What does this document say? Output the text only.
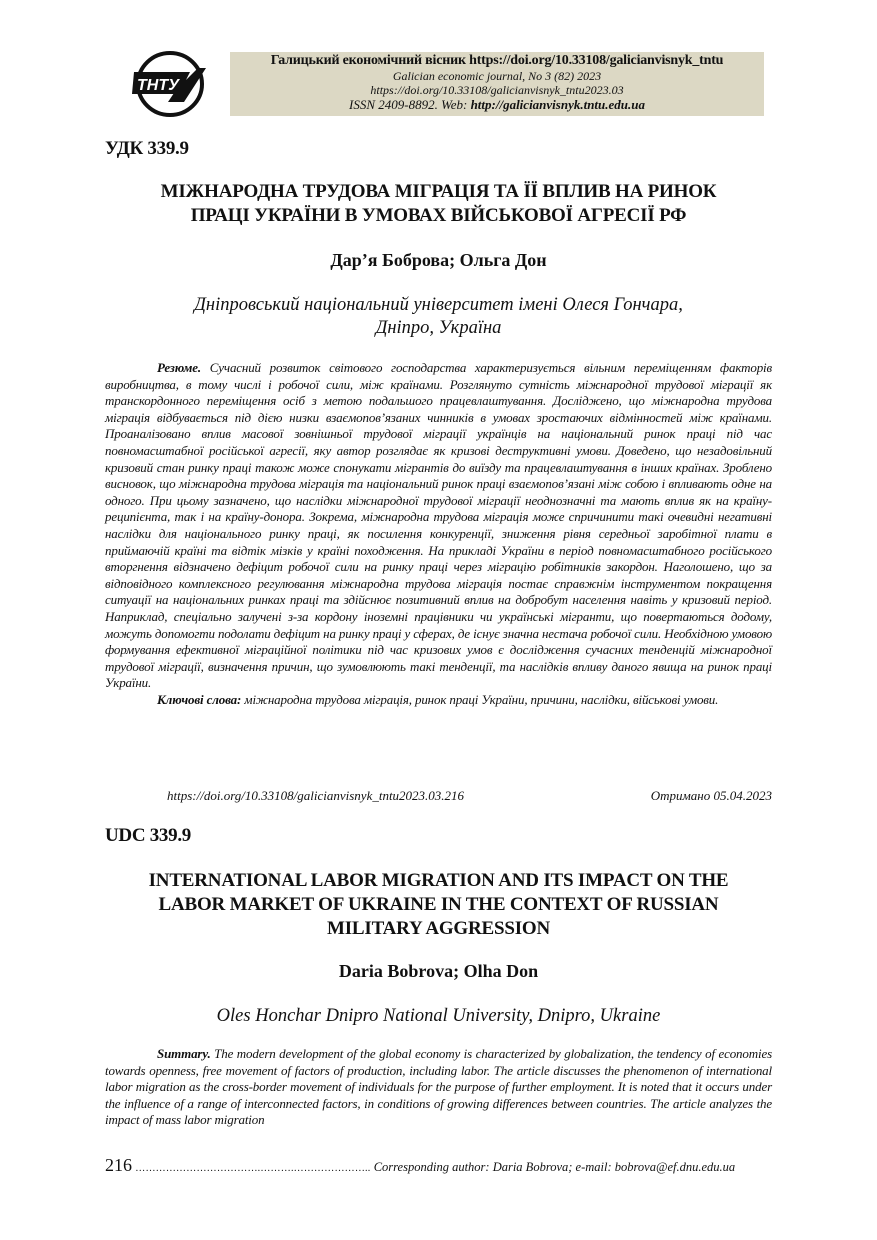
ТНТУ
Галицький економічний вісник https://doi.org/10.33108/galicianvisnyk_tntu
Galician economic journal, No 3 (82) 2023
https://doi.org/10.33108/galicianvisnyk_tntu2023.03
ISSN 2409-8892. Web: http://galicianvisnyk.tntu.edu.ua
УДК 339.9
МІЖНАРОДНА ТРУДОВА МІГРАЦІЯ ТА ЇЇ ВПЛИВ НА РИНОК
ПРАЦІ УКРАЇНИ В УМОВАХ ВІЙСЬКОВОЇ АГРЕСІЇ РФ
Дар’я Боброва; Ольга Дон
Дніпровський національний університет імені Олеся Гончара,
Дніпро, Україна

Резюме. Сучасний розвиток світового господарства характеризується вільним переміщенням факторів виробництва, в тому числі і робочої сили, між країнами. Розглянуто сутність міжнародної трудової міграції як транскордонного переміщення осіб з метою подальшого працевлаштування. Досліджено, що міжнародна трудова міграція відбувається під дією низки взаємопов’язаних чинників в умовах зростаючих відмінностей між країнами. Проаналізовано вплив масової зовнішньої трудової міграції українців на національний ринок праці під час повномасштабної російської агресії, яку автор розглядає як кризові деструктивні умови. Доведено, що незадовільний кризовий стан ринку праці також може спонукати мігрантів до виїзду та працевлаштування в інших країнах. Зроблено висновок, що міжнародна трудова міграція та національний ринок праці взаємопов’язані між собою і впливають одне на одного. При цьому зазначено, що наслідки міжнародної трудової міграції неоднозначні та мають вплив як на країну-реципієнта, так і на країну-донора. Зокрема, міжнародна трудова міграція може спричинити такі очевидні негативні наслідки для національного ринку праці, як посилення конкуренції, зниження рівня середньої заробітної плати в приймаючій країні та відтік мізків у країні походження. На прикладі України в період повномасштабного російського вторгнення відзначено дефіцит робочої сили на ринку праці через міграцію робітників закордон. Наголошено, що за відповідного комплексного регулювання міжнародна трудова міграція постає справжнім інструментом покращення ситуації на національних ринках праці та здійснює позитивний вплив на добробут населення навіть у кризовий період. Наприклад, спеціально залучені з-за кордону іноземні працівники чи українські мігранти, що повертаються додому, можуть допомогти подолати дефіцит на ринку праці у сферах, де існує значна нестача робочої сили. Необхідною умовою формування ефективної міграційної політики під час кризових умов є дослідження сучасних тенденцій міжнародної трудової міграції, визначення причин, що зумовлюють такі тенденції, та наслідків впливу даного явища на ринок праці України.

Ключові слова: міжнародна трудова міграція, ринок праці України, причини, наслідки, військові умови.

https://doi.org/10.33108/galicianvisnyk_tntu2023.03.216	Отримано 05.04.2023
UDC 339.9
INTERNATIONAL LABOR MIGRATION AND ITS IMPACT ON THE
LABOR MARKET OF UKRAINE IN THE CONTEXT OF RUSSIAN
MILITARY AGGRESSION
Daria Bobrova; Olha Don
Oles Honchar Dnipro National University, Dnipro, Ukraine

Summary. The modern development of the global economy is characterized by globalization, the tendency of economies towards openness, free movement of factors of production, including labor. The article discusses the phenomenon of international labor migration as the cross-border movement of individuals for the purpose of further employment. It is noted that it occurs under the influence of a range of interconnected factors, in conditions of growing differences between countries. The article analyzes the impact of mass labor migration

216 ……………………………….……….………………….. Corresponding author: Daria Bobrova; e-mail: bobrova@ef.dnu.edu.ua
